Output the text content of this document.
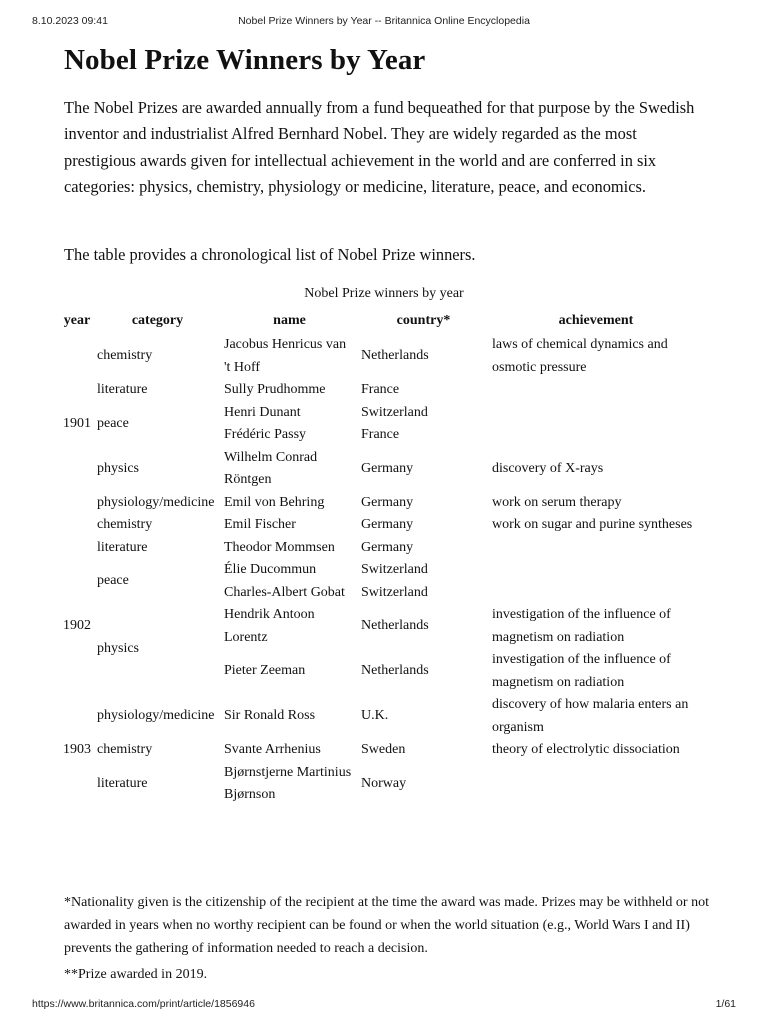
8.10.2023 09:41	Nobel Prize Winners by Year -- Britannica Online Encyclopedia
Nobel Prize Winners by Year

The Nobel Prizes are awarded annually from a fund bequeathed for that purpose by the Swedish inventor and industrialist Alfred Bernhard Nobel. They are widely regarded as the most prestigious awards given for intellectual achievement in the world and are conferred in six categories: physics, chemistry, physiology or medicine, literature, peace, and economics.

The table provides a chronological list of Nobel Prize winners.

Nobel Prize winners by year
year	category	name	country*	achievement
1901	chemistry	Jacobus Henricus van 't Hoff	Netherlands	laws of chemical dynamics and osmotic pressure
	literature	Sully Prudhomme	France	
	peace	Henri Dunant	Switzerland	
		Frédéric Passy	France	
	physics	Wilhelm Conrad Röntgen	Germany	discovery of X-rays
	physiology/medicine	Emil von Behring	Germany	work on serum therapy
1902	chemistry	Emil Fischer	Germany	work on sugar and purine syntheses
	literature	Theodor Mommsen	Germany	
	peace	Élie Ducommun	Switzerland	
		Charles-Albert Gobat	Switzerland	
	physics	Hendrik Antoon Lorentz	Netherlands	investigation of the influence of magnetism on radiation
		Pieter Zeeman	Netherlands	investigation of the influence of magnetism on radiation
	physiology/medicine	Sir Ronald Ross	U.K.	discovery of how malaria enters an organism
1903	chemistry	Svante Arrhenius	Sweden	theory of electrolytic dissociation
	literature	Bjørnstjerne Martinius Bjørnson	Norway	

*Nationality given is the citizenship of the recipient at the time the award was made. Prizes may be withheld or not awarded in years when no worthy recipient can be found or when the world situation (e.g., World Wars I and II) prevents the gathering of information needed to reach a decision.

**Prize awarded in 2019.

https://www.britannica.com/print/article/1856946	1/61
